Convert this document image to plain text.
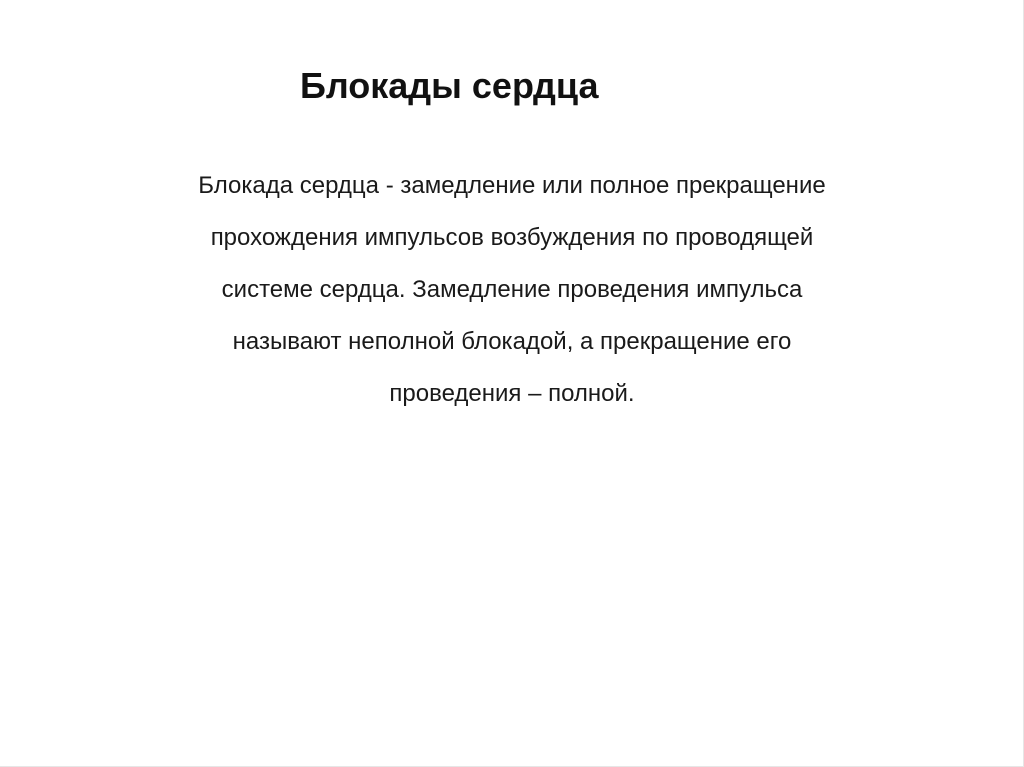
Блокады сердца
Блокада сердца - замедление или полное прекращение
прохождения импульсов возбуждения по проводящей
системе сердца. Замедление проведения импульса
называют неполной блокадой, а прекращение его
проведения – полной.
